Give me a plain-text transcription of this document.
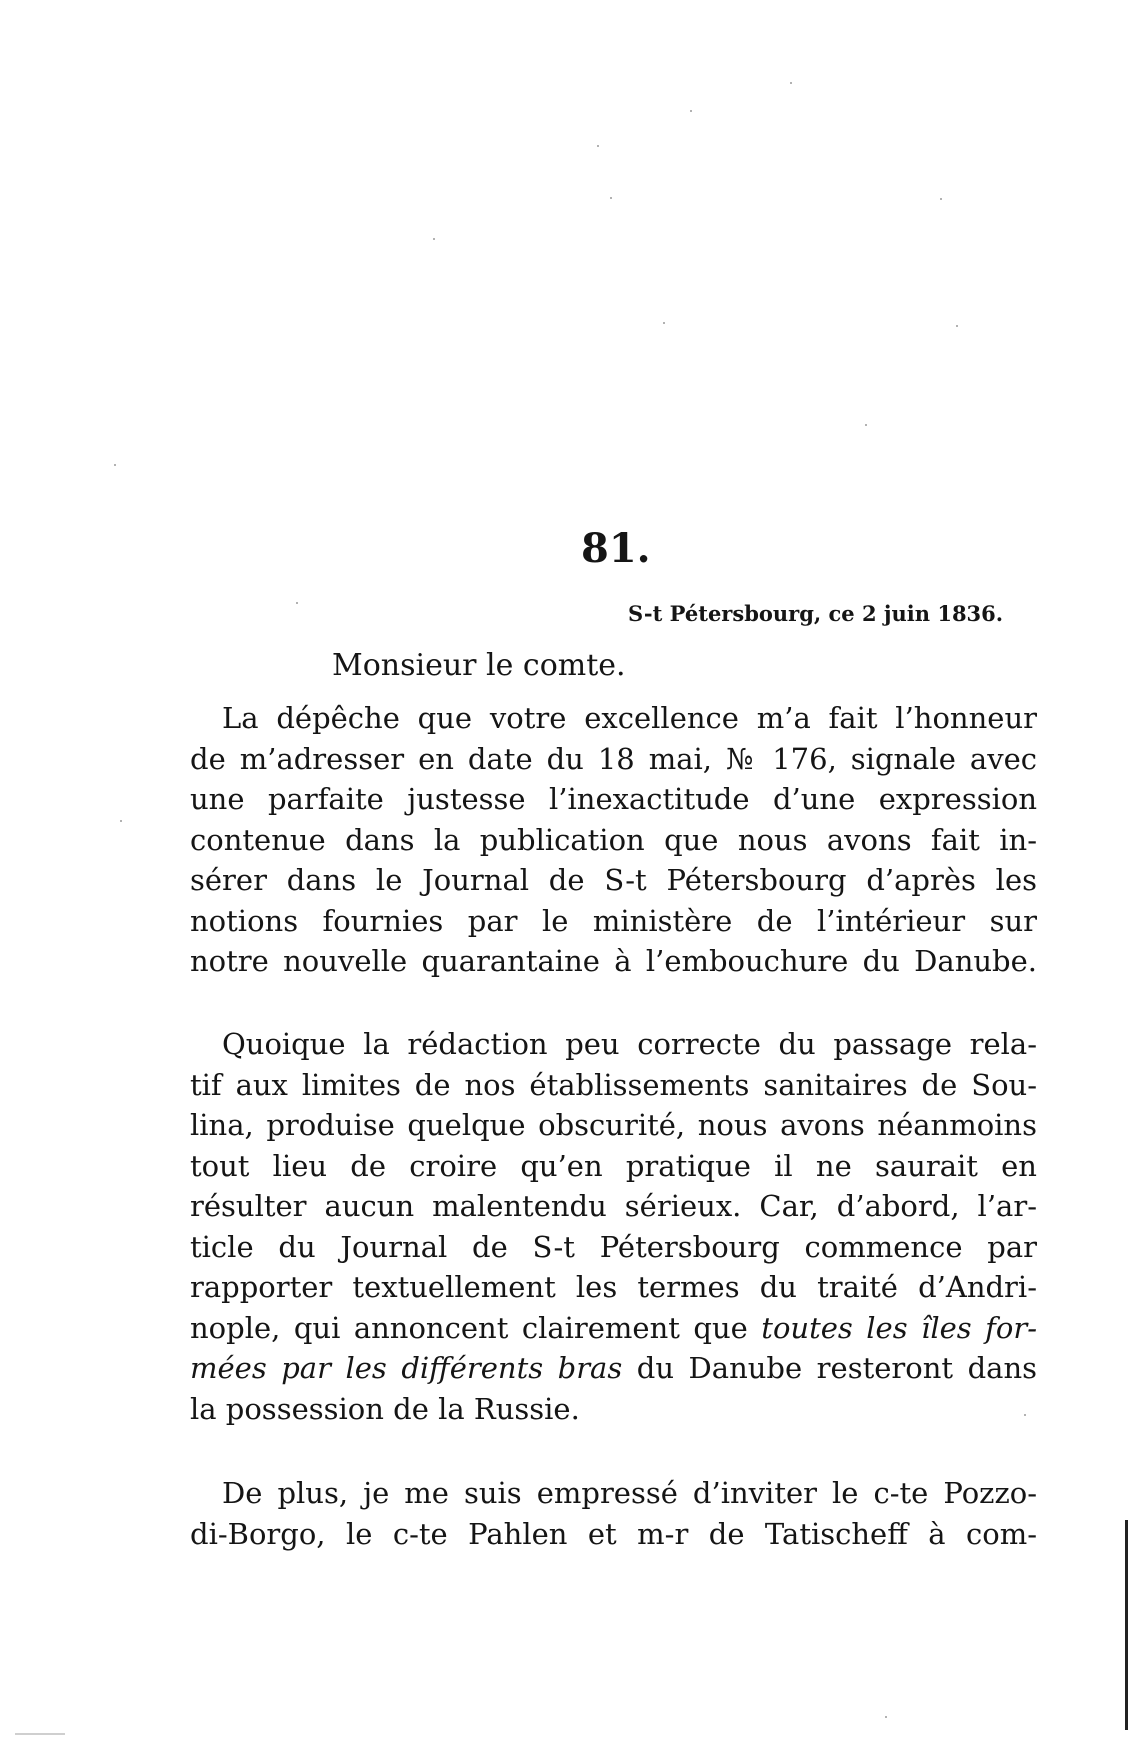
81.
S-t Pétersbourg, ce 2 juin 1836.
Monsieur le comte.
La dépêche que votre excellence m’a fait l’honneur
de m’adresser en date du 18 mai, № 176, signale avec
une parfaite justesse l’inexactitude d’une expression
contenue dans la publication que nous avons fait in-
sérer dans le Journal de S-t Pétersbourg d’après les
notions fournies par le ministère de l’intérieur sur
notre nouvelle quarantaine à l’embouchure du Danube.
Quoique la rédaction peu correcte du passage rela-
tif aux limites de nos établissements sanitaires de Sou-
lina, produise quelque obscurité, nous avons néanmoins
tout lieu de croire qu’en pratique il ne saurait en
résulter aucun malentendu sérieux. Car, d’abord, l’ar-
ticle du Journal de S-t Pétersbourg commence par
rapporter textuellement les termes du traité d’Andri-
nople, qui annoncent clairement que toutes les îles for-
mées par les différents bras du Danube resteront dans
la possession de la Russie.
De plus, je me suis empressé d’inviter le c-te Pozzo-
di-Borgo, le c-te Pahlen et m-r de Tatischeff à com-
